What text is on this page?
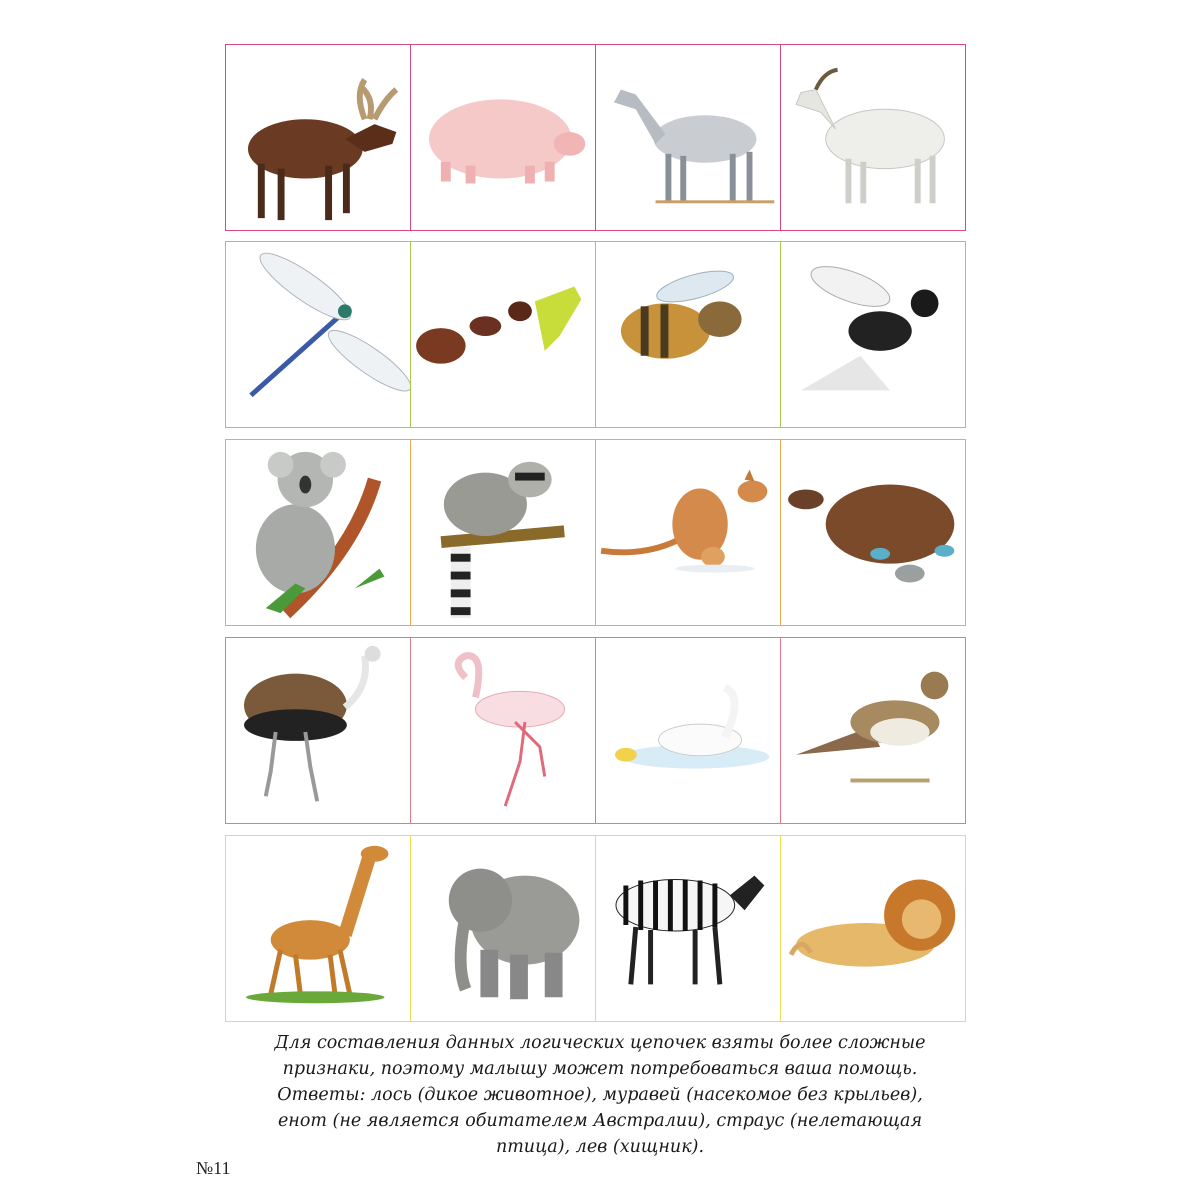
Для составления данных логических цепочек взяты более сложные
признаки, поэтому малышу может потребоваться ваша помощь.
Ответы: лось (дикое животное), муравей (насекомое без крыльев),
енот (не является обитателем Австралии), страус (нелетающая
птица), лев (хищник).
№11
